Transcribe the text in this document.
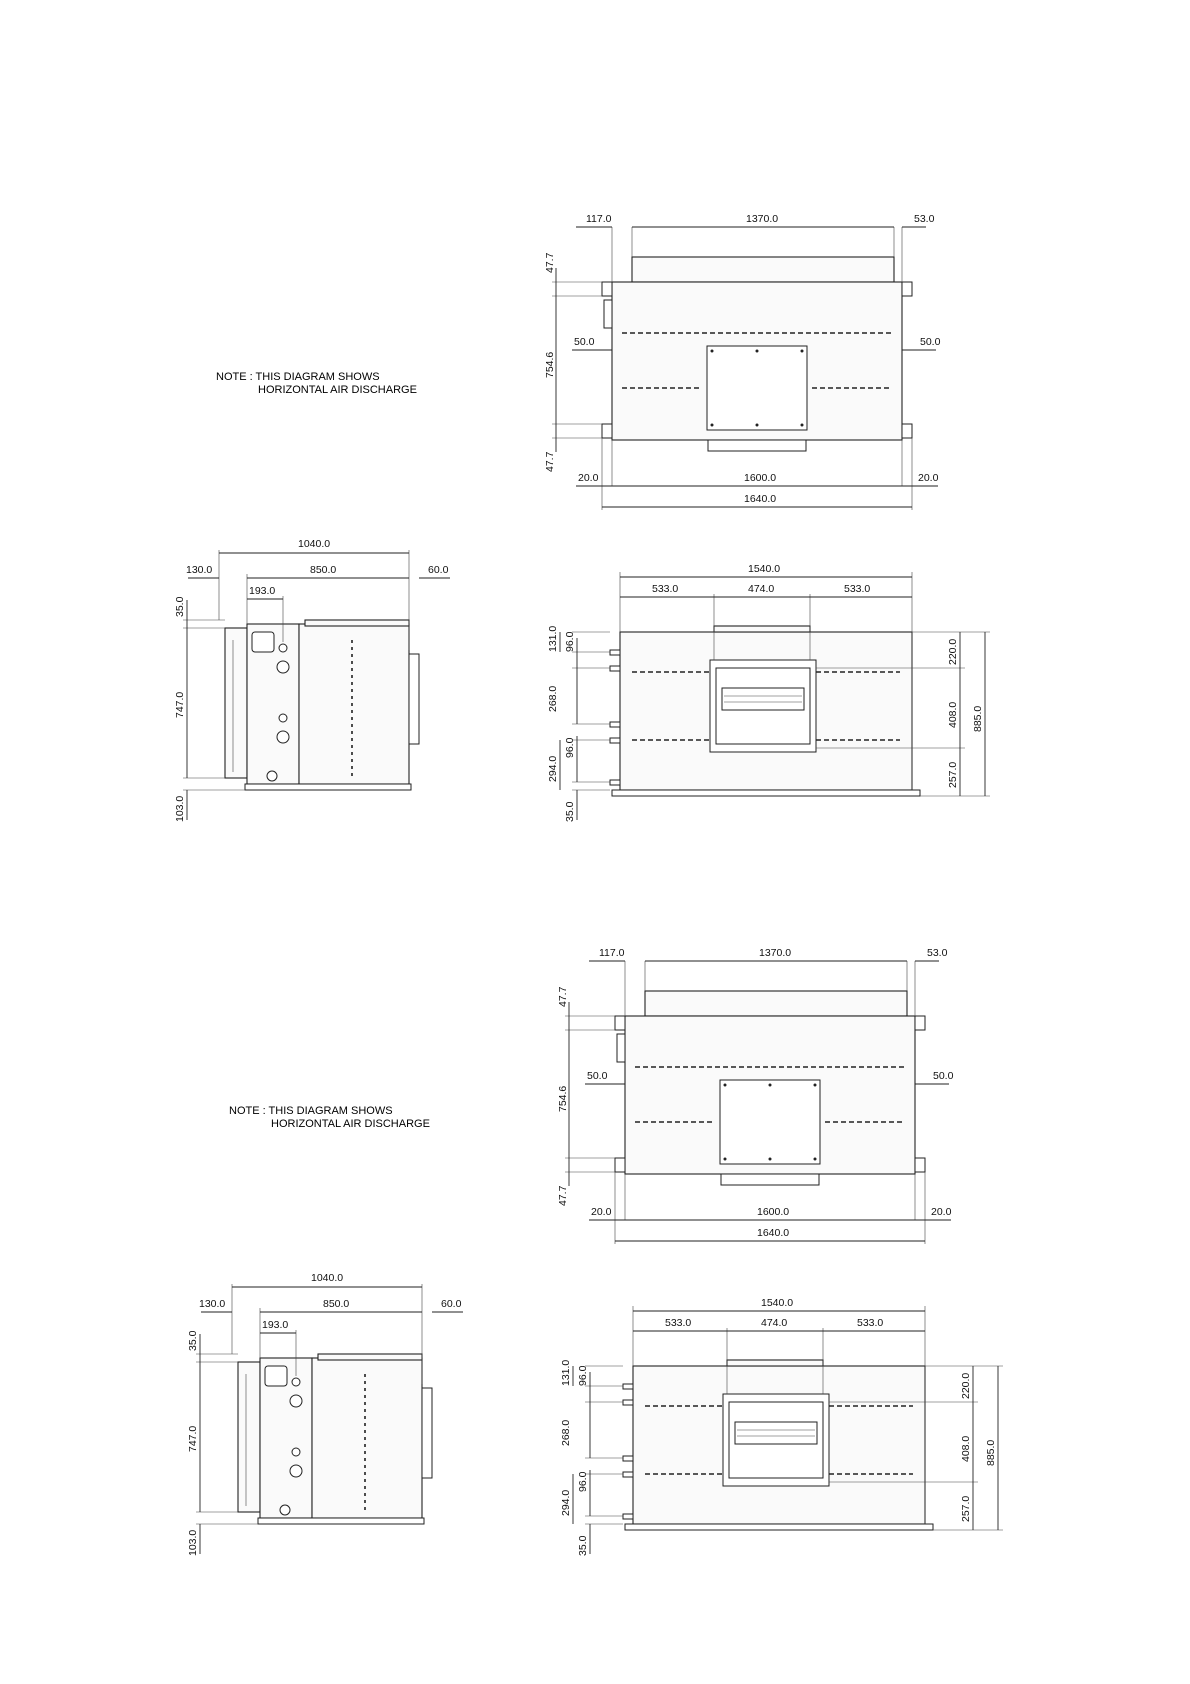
NOTE : THIS DIAGRAM SHOWS
HORIZONTAL AIR DISCHARGE
NOTE : THIS DIAGRAM SHOWS
HORIZONTAL AIR DISCHARGE
117.0	1370.0	53.0
47.7
754.6
47.7
50.0	50.0
20.0	1600.0	20.0
1640.0
1040.0
130.0	850.0	60.0
193.0
35.0
747.0
103.0
1540.0
533.0	474.0	533.0
131.0 96.0
268.0
294.0
96.0
35.0
220.0
408.0
257.0
885.0
117.0	1370.0	53.0
47.7
754.6
47.7
50.0	50.0
20.0	1600.0	20.0
1640.0
1040.0
130.0	850.0	60.0
193.0
35.0
747.0
103.0
1540.0
533.0	474.0	533.0
131.0 96.0
268.0
294.0
96.0
35.0
220.0
408.0
257.0
885.0
